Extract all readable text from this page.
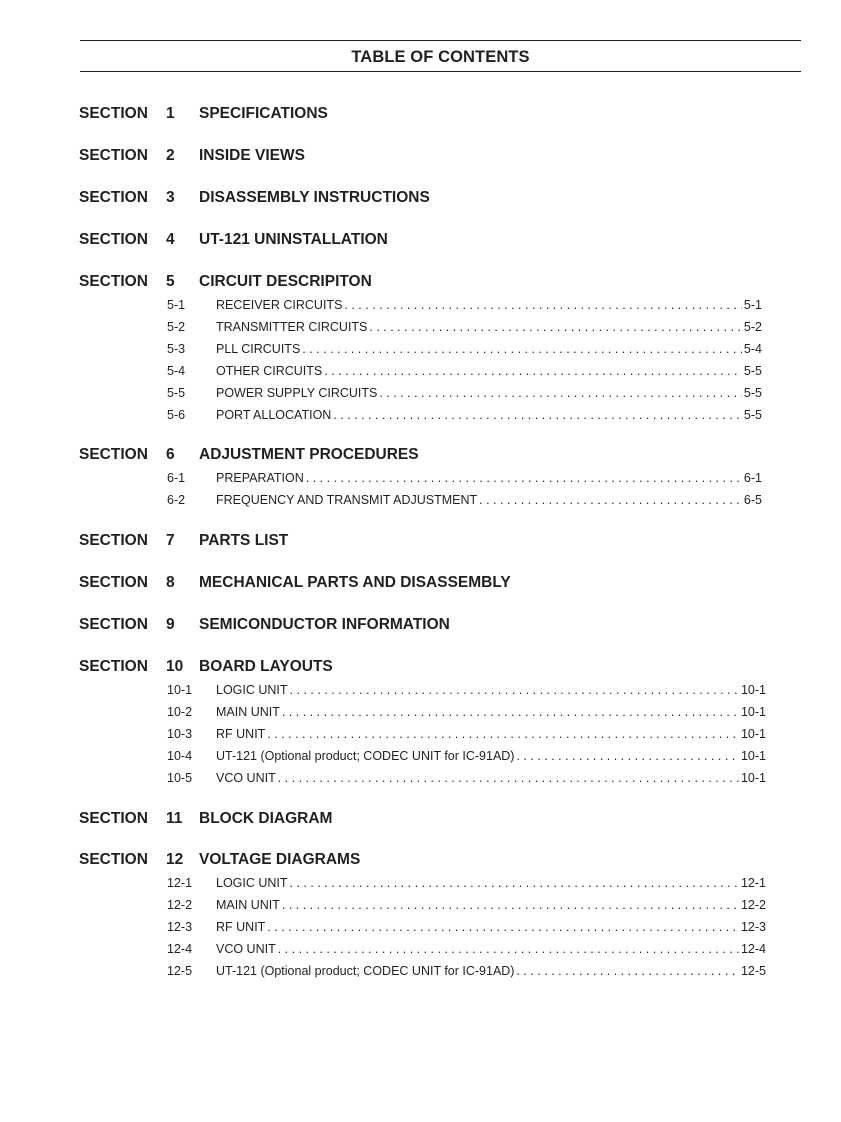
TABLE OF CONTENTS
SECTION 1 SPECIFICATIONS
SECTION 2 INSIDE VIEWS
SECTION 3 DISASSEMBLY INSTRUCTIONS
SECTION 4 UT-121 UNINSTALLATION
SECTION 5 CIRCUIT DESCRIPITON
5-1 RECEIVER CIRCUITS . . .	5-1
5-2 TRANSMITTER CIRCUITS . . .	5-2
5-3 PLL CIRCUITS . . .	5-4
5-4 OTHER CIRCUITS . . .	5-5
5-5 POWER SUPPLY CIRCUITS . . .	5-5
5-6 PORT ALLOCATION . . .	5-5
SECTION 6 ADJUSTMENT PROCEDURES
6-1 PREPARATION . . .	6-1
6-2 FREQUENCY AND TRANSMIT ADJUSTMENT . . .	6-5
SECTION 7 PARTS LIST
SECTION 8 MECHANICAL PARTS AND DISASSEMBLY
SECTION 9 SEMICONDUCTOR INFORMATION
SECTION 10 BOARD LAYOUTS
10-1 LOGIC UNIT . . .	10-1
10-2 MAIN UNIT . . .	10-1
10-3 RF UNIT . . .	10-1
10-4 UT-121 (Optional product; CODEC UNIT for IC-91AD) . . .	10-1
10-5 VCO UNIT . . .	10-1
SECTION 11 BLOCK DIAGRAM
SECTION 12 VOLTAGE DIAGRAMS
12-1 LOGIC UNIT . . .	12-1
12-2 MAIN UNIT . . .	12-2
12-3 RF UNIT . . .	12-3
12-4 VCO UNIT . . .	12-4
12-5 UT-121 (Optional product; CODEC UNIT for IC-91AD) . . .	12-5
